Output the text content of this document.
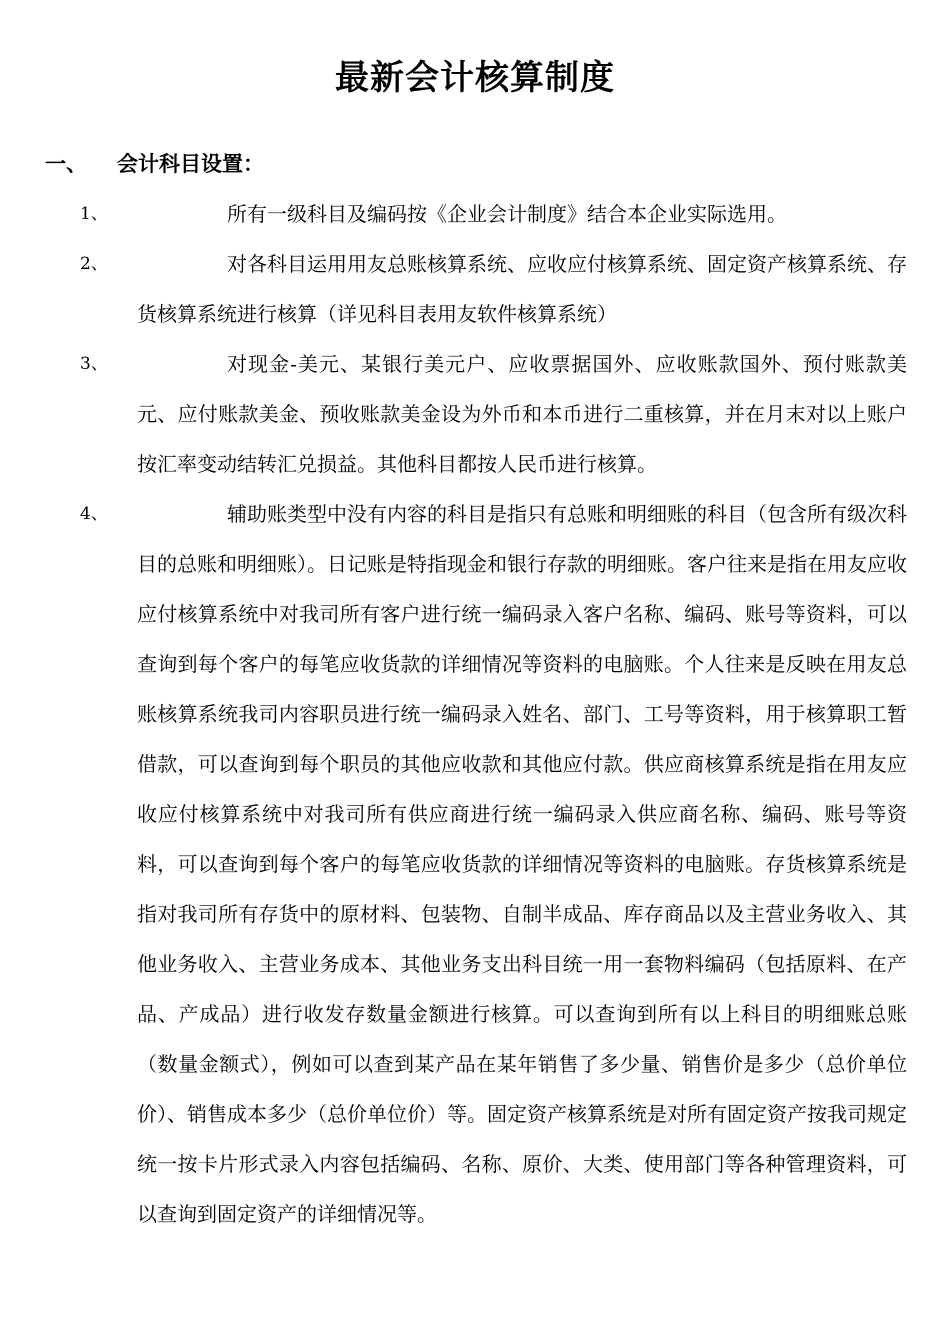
最新会计核算制度
一、 会计科目设置：
1、	所有一级科目及编码按《企业会计制度》结合本企业实际选用。
2、	对各科目运用用友总账核算系统、应收应付核算系统、固定资产核算系统、存货核算系统进行核算（详见科目表用友软件核算系统）
3、	对现金-美元、某银行美元户、应收票据国外、应收账款国外、预付账款美元、应付账款美金、预收账款美金设为外币和本币进行二重核算，并在月末对以上账户按汇率变动结转汇兑损益。其他科目都按人民币进行核算。
4、	辅助账类型中没有内容的科目是指只有总账和明细账的科目（包含所有级次科目的总账和明细账）。日记账是特指现金和银行存款的明细账。客户往来是指在用友应收应付核算系统中对我司所有客户进行统一编码录入客户名称、编码、账号等资料，可以查询到每个客户的每笔应收货款的详细情况等资料的电脑账。个人往来是反映在用友总账核算系统我司内容职员进行统一编码录入姓名、部门、工号等资料，用于核算职工暂借款，可以查询到每个职员的其他应收款和其他应付款。供应商核算系统是指在用友应收应付核算系统中对我司所有供应商进行统一编码录入供应商名称、编码、账号等资料，可以查询到每个客户的每笔应收货款的详细情况等资料的电脑账。存货核算系统是指对我司所有存货中的原材料、包装物、自制半成品、库存商品以及主营业务收入、其他业务收入、主营业务成本、其他业务支出科目统一用一套物料编码（包括原料、在产品、产成品）进行收发存数量金额进行核算。可以查询到所有以上科目的明细账总账（数量金额式），例如可以查到某产品在某年销售了多少量、销售价是多少（总价单位价）、销售成本多少（总价单位价）等。固定资产核算系统是对所有固定资产按我司规定统一按卡片形式录入内容包括编码、名称、原价、大类、使用部门等各种管理资料，可以查询到固定资产的详细情况等。
